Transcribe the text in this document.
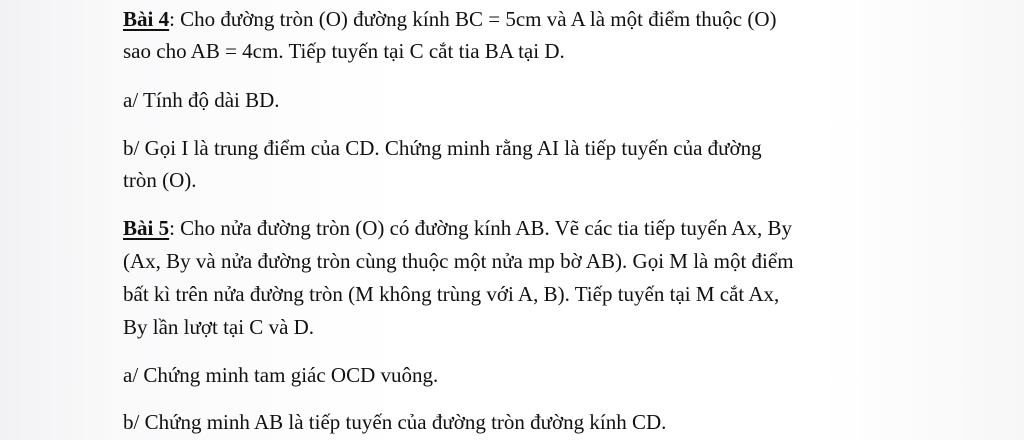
Bài 4: Cho đường tròn (O) đường kính BC = 5cm và A là một điểm thuộc (O)

sao cho AB = 4cm. Tiếp tuyến tại C cắt tia BA tại D.

a/ Tính độ dài BD.

b/ Gọi I là trung điểm của CD. Chứng minh rằng AI là tiếp tuyến của đường

tròn (O).

Bài 5: Cho nửa đường tròn (O) có đường kính AB. Vẽ các tia tiếp tuyến Ax, By

(Ax, By và nửa đường tròn cùng thuộc một nửa mp bờ AB). Gọi M là một điểm

bất kì trên nửa đường tròn (M không trùng với A, B). Tiếp tuyến tại M cắt Ax,

By lần lượt tại C và D.

a/ Chứng minh tam giác OCD vuông.

b/ Chứng minh AB là tiếp tuyến của đường tròn đường kính CD.
